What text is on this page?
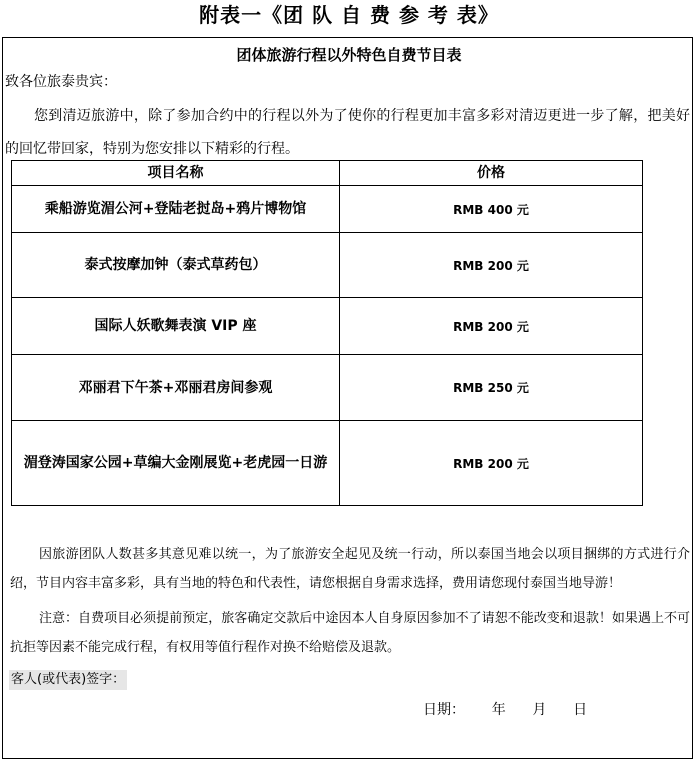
附表一《团 队 自 费 参 考 表》
团体旅游行程以外特色自费节目表
致各位旅泰贵宾：
您到清迈旅游中，除了参加合约中的行程以外为了使你的行程更加丰富多彩对清迈更进一步了解，把美好的回忆带回家，特别为您安排以下精彩的行程。
项目名称	价格
乘船游览湄公河+登陆老挝岛+鸦片博物馆	RMB 400 元
泰式按摩加钟（泰式草药包）	RMB 200 元
国际人妖歌舞表演 VIP 座	RMB 200 元
邓丽君下午茶+邓丽君房间参观	RMB 250 元
湄登涛国家公园+草编大金刚展览+老虎园一日游	RMB 200 元
因旅游团队人数甚多其意见难以统一，为了旅游安全起见及统一行动，所以泰国当地会以项目捆绑的方式进行介绍，节目内容丰富多彩，具有当地的特色和代表性，请您根据自身需求选择，费用请您现付泰国当地导游！
注意：自费项目必须提前预定，旅客确定交款后中途因本人自身原因参加不了请恕不能改变和退款！如果遇上不可抗拒等因素不能完成行程，有权用等值行程作对换不给赔偿及退款。
客人(或代表)签字：
日期：      年      月      日
